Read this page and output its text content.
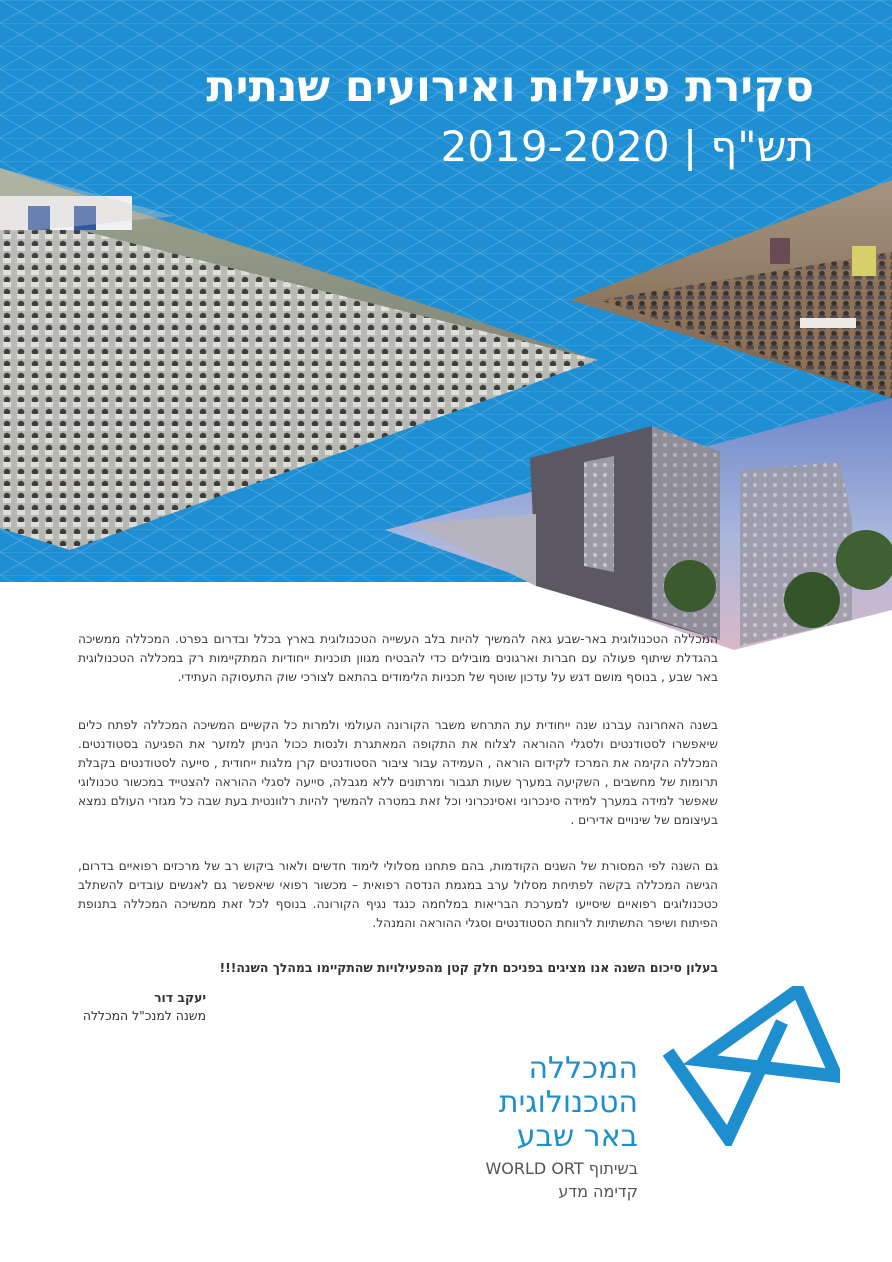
סקירת פעילות ואירועים שנתית
תש"ף | 2019-2020

המכללה הטכנולוגית באר-שבע גאה להמשיך להיות בלב העשייה הטכנולוגית בארץ בכלל ובדרום בפרט. המכללה ממשיכה בהגדלת שיתוף פעולה עם חברות וארגונים מובילים כדי להבטיח מגוון תוכניות ייחודיות המתקיימות רק במכללה הטכנולוגית באר שבע , בנוסף מושם דגש על עדכון שוטף של תכניות הלימודים בהתאם לצורכי שוק התעסוקה העתידי.

בשנה האחרונה עברנו שנה ייחודית עת התרחש משבר הקורונה העולמי ולמרות כל הקשיים המשיכה המכללה לפתח כלים שיאפשרו לסטודנטים ולסגלי ההוראה לצלוח את התקופה המאתגרת ולנסות ככול הניתן למזער את הפגיעה בסטודנטים. המכללה הקימה את המרכז לקידום הוראה , העמידה עבור ציבור הסטודנטים קרן מלגות ייחודית , סייעה לסטודנטים בקבלת תרומות של מחשבים , השקיעה במערך שעות תגבור ומרתונים ללא מגבלה, סייעה לסגלי ההוראה להצטייד במכשור טכנולוגי שאפשר למידה במערך למידה סינכרוני ואסינכרוני וכל זאת במטרה להמשיך להיות רלוונטית בעת שבה כל מגזרי העולם נמצא בעיצומם של שינויים אדירים .

גם השנה לפי המסורת של השנים הקודמות, בהם פתחנו מסלולי לימוד חדשים ולאור ביקוש רב של מרכזים רפואיים בדרום, הגישה המכללה בקשה לפתיחת מסלול ערב במגמת הנדסה רפואית – מכשור רפואי שיאפשר גם לאנשים עובדים להשתלב כטכנולוגים רפואיים שיסייעו למערכת הבריאות במלחמה כנגד נגיף הקורונה. בנוסף לכל זאת ממשיכה המכללה בתנופת הפיתוח ושיפר התשתיות לרווחת הסטודנטים וסגלי ההוראה והמנהל.

בעלון סיכום השנה אנו מציגים בפניכם חלק קטן מהפעילויות שהתקיימו במהלך השנה!!!

יעקב דור

משנה למנכ"ל המכללה

המכללה

הטכנולוגית

באר שבע

בשיתוף WORLD ORT

קדימה מדע
